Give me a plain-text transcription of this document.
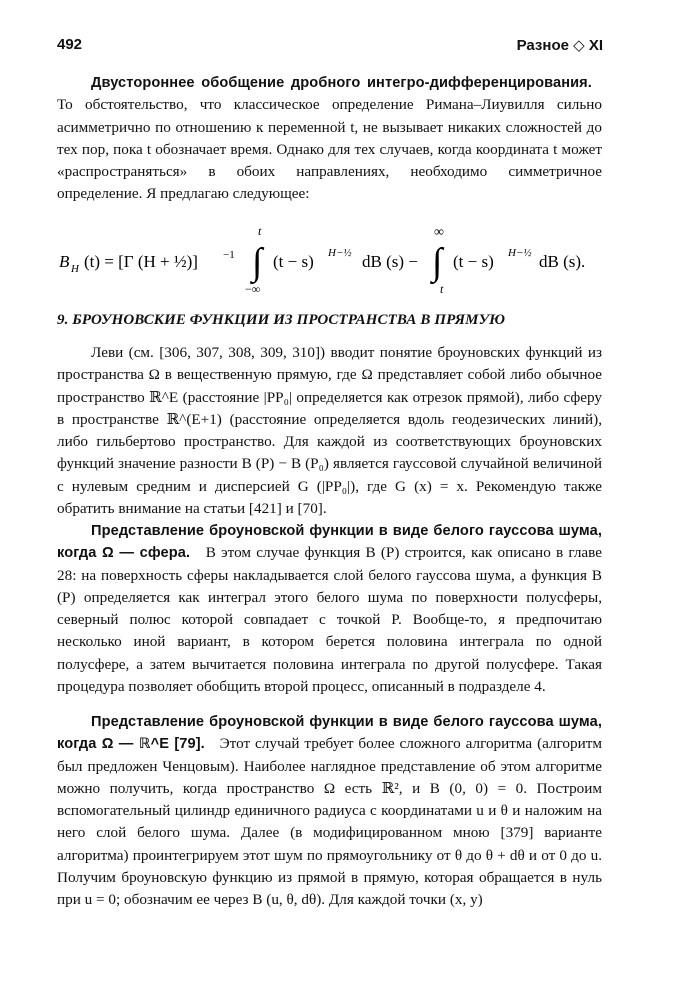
492	Разное ◇ XI
Двустороннее обобщение дробного интегро-дифференцирования.   То обстоятельство, что классическое определение Римана–Лиувилля сильно асимметрично по отношению к переменной t, не вызывает никаких сложностей до тех пор, пока t обозначает время. Однако для тех случаев, когда координата t может «распространяться» в обоих направлениях, необходимо симметричное определение. Я предлагаю следующее:
B H (t) = [Γ (H + ½)] −1
t
∫
−∞
(t − s) H−½ dB (s) −
∞
∫
t
(t − s) H−½ dB (s).
9. БРОУНОВСКИЕ ФУНКЦИИ ИЗ ПРОСТРАНСТВА В ПРЯМУЮ
Леви (см. [306, 307, 308, 309, 310]) вводит понятие броуновских функций из пространства Ω в вещественную прямую, где Ω представляет собой либо обычное пространство ℝ^E (расстояние |PP₀| определяется как отрезок прямой), либо сферу в пространстве ℝ^(E+1) (расстояние определяется вдоль геодезических линий), либо гильбертово пространство. Для каждой из соответствующих броуновских функций значение разности B (P) − B (P₀) является гауссовой случайной величиной с нулевым средним и дисперсией G (|PP₀|), где G (x) = x. Рекомендую также обратить внимание на статьи [421] и [70].
Представление броуновской функции в виде белого гауссова шума, когда Ω — сфера. В этом случае функция B (P) строится, как описано в главе 28: на поверхность сферы накладывается слой белого гауссова шума, а функция B (P) определяется как интеграл этого белого шума по поверхности полусферы, северный полюс которой совпадает с точкой P. Вообще-то, я предпочитаю несколько иной вариант, в котором берется половина интеграла по одной полусфере, а затем вычитается половина интеграла по другой полусфере. Такая процедура позволяет обобщить второй процесс, описанный в подразделе 4.
Представление броуновской функции в виде белого гауссова шума, когда Ω — ℝ^E [79]. Этот случай требует более сложного алгоритма (алгоритм был предложен Ченцовым). Наиболее наглядное представление об этом алгоритме можно получить, когда пространство Ω есть ℝ², и B (0, 0) = 0. Построим вспомогательный цилиндр единичного радиуса с координатами u и θ и наложим на него слой белого шума. Далее (в модифицированном мною [379] варианте алгоритма) проинтегрируем этот шум по прямоугольнику от θ до θ + dθ и от 0 до u. Получим броуновскую функцию из прямой в прямую, которая обращается в нуль при u = 0; обозначим ее через B (u, θ, dθ). Для каждой точки (x, y)
